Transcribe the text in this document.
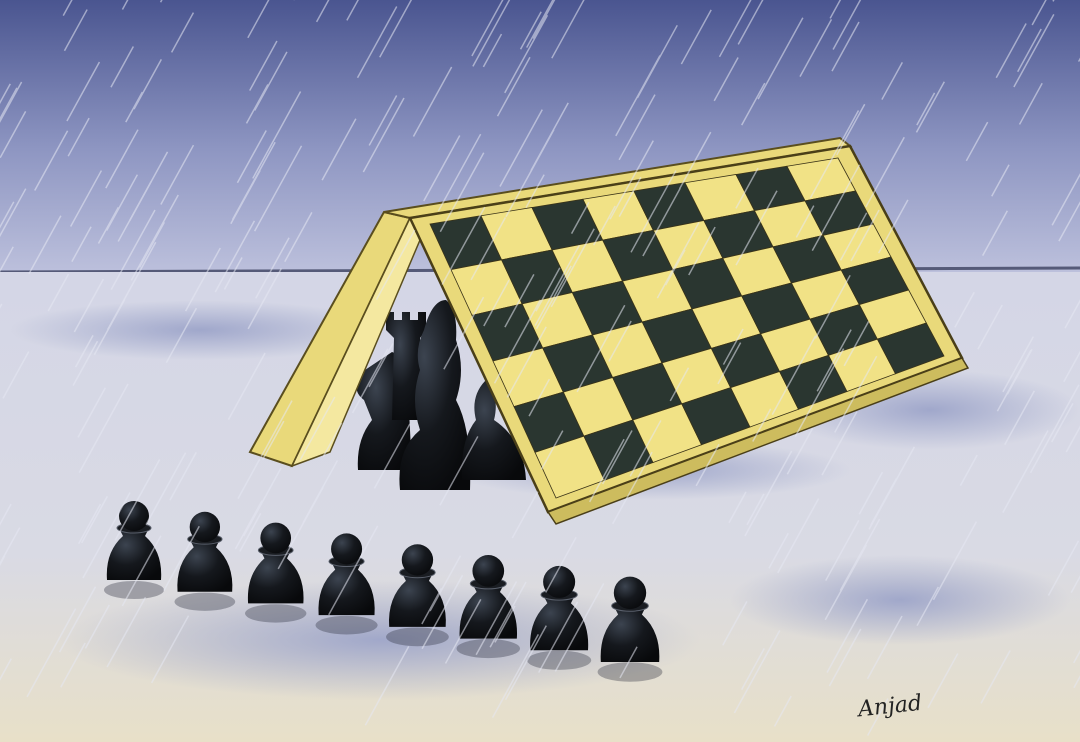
Anjad
